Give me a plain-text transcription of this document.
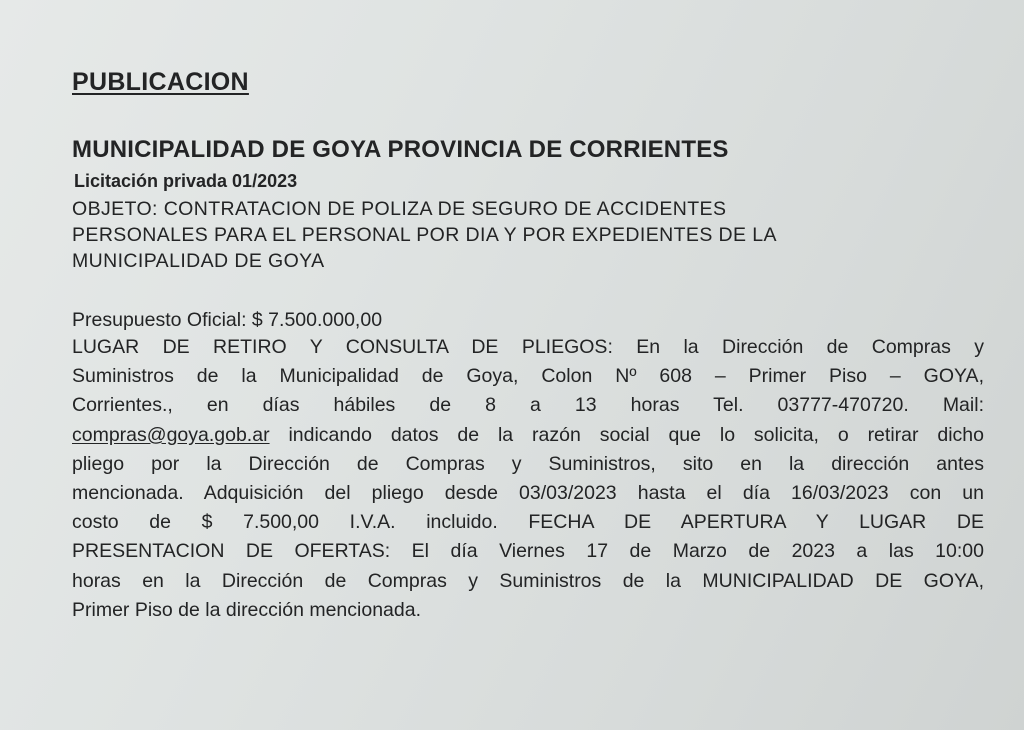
PUBLICACION
MUNICIPALIDAD DE GOYA PROVINCIA DE CORRIENTES
Licitación privada 01/2023
OBJETO: CONTRATACION DE POLIZA DE SEGURO DE ACCIDENTES
PERSONALES PARA EL PERSONAL POR DIA Y POR EXPEDIENTES DE LA
MUNICIPALIDAD DE GOYA
Presupuesto Oficial: $ 7.500.000,00
LUGAR DE RETIRO Y CONSULTA DE PLIEGOS: En la Dirección de Compras y
Suministros de la Municipalidad de Goya, Colon Nº 608 – Primer Piso – GOYA,
Corrientes., en días hábiles de 8 a 13 horas Tel. 03777-470720. Mail:
compras@goya.gob.ar indicando datos de la razón social que lo solicita, o retirar dicho
pliego por la Dirección de Compras y Suministros, sito en la dirección antes
mencionada. Adquisición del pliego desde 03/03/2023 hasta el día 16/03/2023 con un
costo de $ 7.500,00 I.V.A. incluido. FECHA DE APERTURA Y LUGAR DE
PRESENTACION DE OFERTAS: El día Viernes 17 de Marzo de 2023 a las 10:00
horas en la Dirección de Compras y Suministros de la MUNICIPALIDAD DE GOYA,
Primer Piso de la dirección mencionada.
